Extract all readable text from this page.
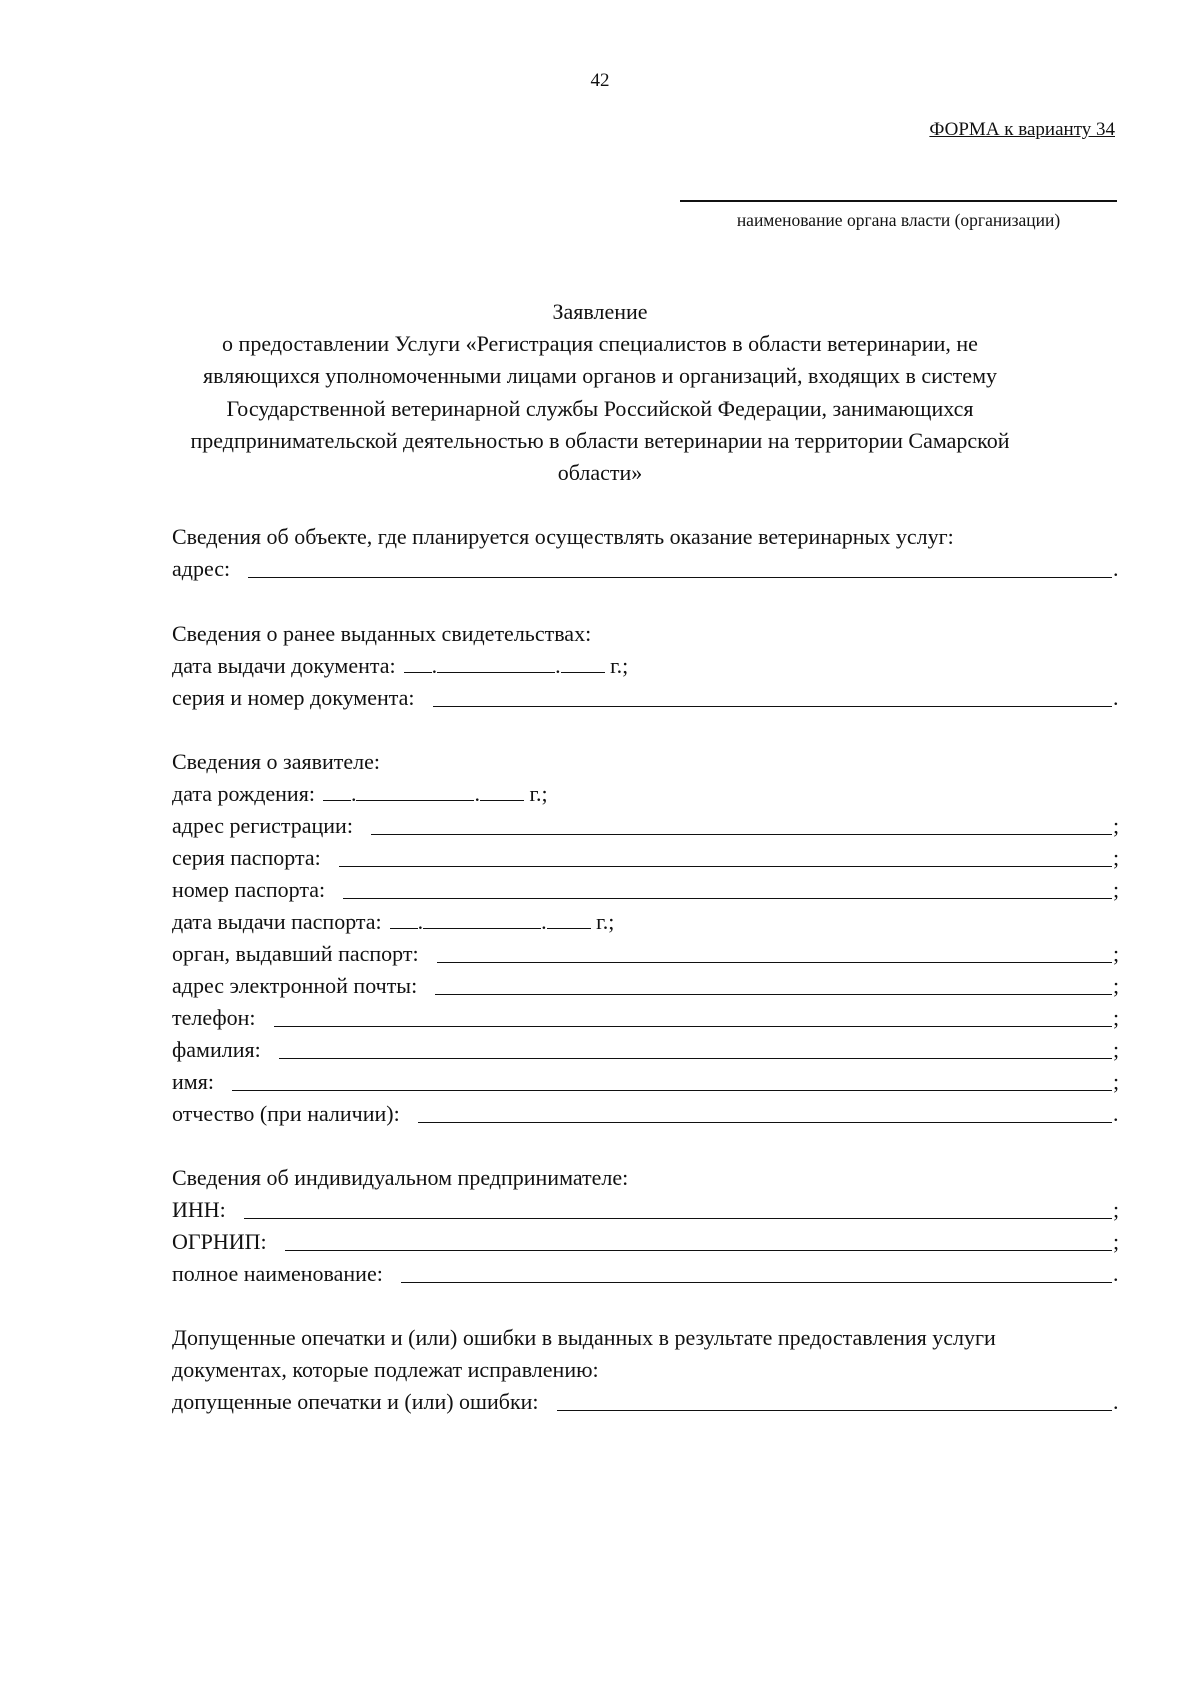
42
ФОРМА к варианту 34
наименование органа власти (организации)
Заявление
о предоставлении Услуги «Регистрация специалистов в области ветеринарии, не
являющихся уполномоченными лицами органов и организаций, входящих в систему
Государственной ветеринарной службы Российской Федерации, занимающихся
предпринимательской деятельностью в области ветеринарии на территории Самарской
области»
Сведения об объекте, где планируется осуществлять оказание ветеринарных услуг:
адрес:	.
Сведения о ранее выданных свидетельствах:
дата выдачи документа: .	. г.;
серия и номер документа:	.
Сведения о заявителе:
дата рождения: .	. г.;
адрес регистрации:	;
серия паспорта:	;
номер паспорта:	;
дата выдачи паспорта: .	. г.;
орган, выдавший паспорт:	;
адрес электронной почты:	;
телефон:	;
фамилия:	;
имя:	;
отчество (при наличии):	.
Сведения об индивидуальном предпринимателе:
ИНН:	;
ОГРНИП:	;
полное наименование:	.
Допущенные опечатки и (или) ошибки в выданных в результате предоставления услуги
документах, которые подлежат исправлению:
допущенные опечатки и (или) ошибки:	.
